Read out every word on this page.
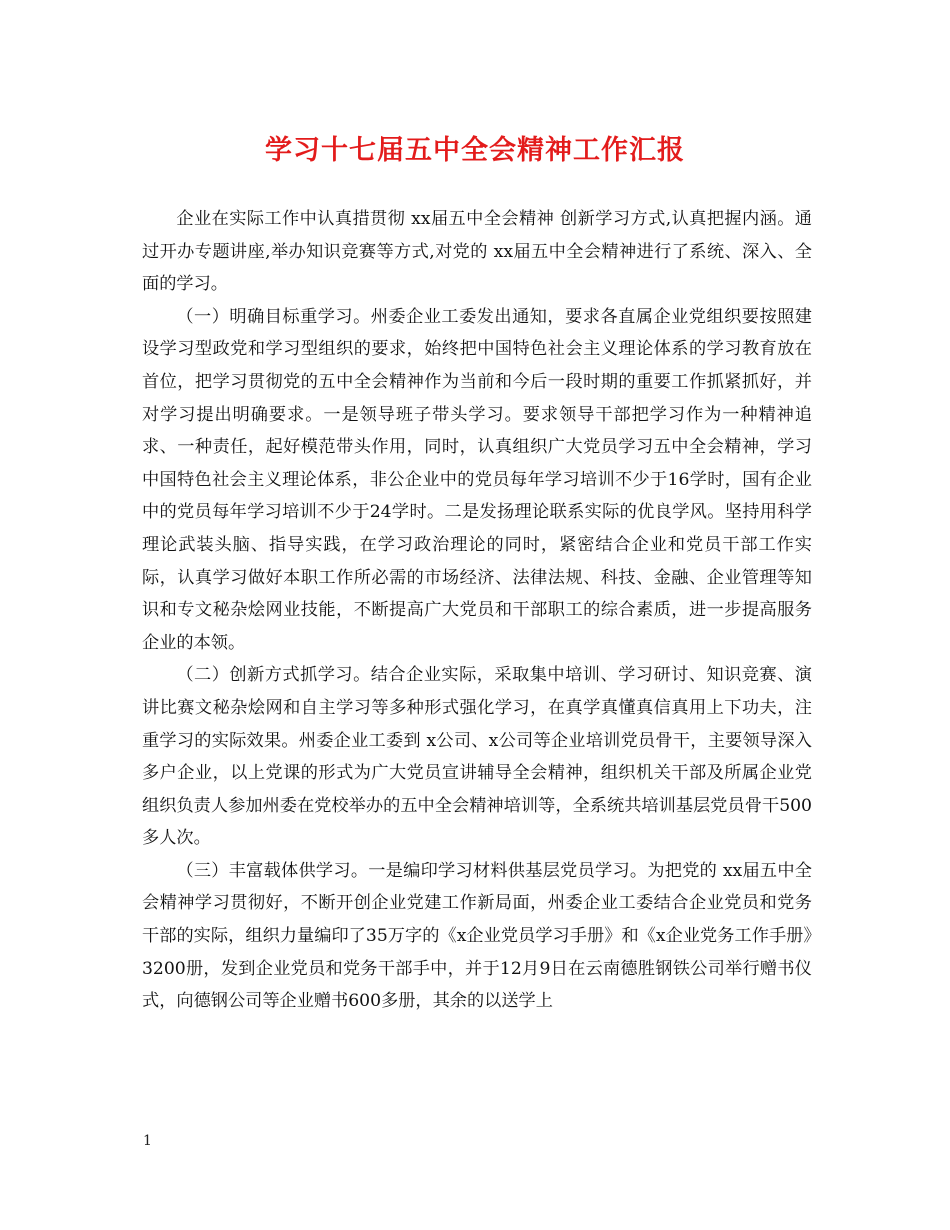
学习十七届五中全会精神工作汇报

企业在实际工作中认真措贯彻 xx届五中全会精神 创新学习方式,认真把握内涵。通过开办专题讲座,举办知识竞赛等方式,对党的 xx届五中全会精神进行了系统、深入、全面的学习。

（一）明确目标重学习。州委企业工委发出通知，要求各直属企业党组织要按照建设学习型政党和学习型组织的要求，始终把中国特色社会主义理论体系的学习教育放在首位，把学习贯彻党的五中全会精神作为当前和今后一段时期的重要工作抓紧抓好，并对学习提出明确要求。一是领导班子带头学习。要求领导干部把学习作为一种精神追求、一种责任，起好模范带头作用，同时，认真组织广大党员学习五中全会精神，学习中国特色社会主义理论体系，非公企业中的党员每年学习培训不少于16学时，国有企业中的党员每年学习培训不少于24学时。二是发扬理论联系实际的优良学风。坚持用科学理论武装头脑、指导实践，在学习政治理论的同时，紧密结合企业和党员干部工作实际，认真学习做好本职工作所必需的市场经济、法律法规、科技、金融、企业管理等知识和专文秘杂烩网业技能，不断提高广大党员和干部职工的综合素质，进一步提高服务企业的本领。

（二）创新方式抓学习。结合企业实际，采取集中培训、学习研讨、知识竞赛、演讲比赛文秘杂烩网和自主学习等多种形式强化学习，在真学真懂真信真用上下功夫，注重学习的实际效果。州委企业工委到 x公司、x公司等企业培训党员骨干，主要领导深入多户企业，以上党课的形式为广大党员宣讲辅导全会精神，组织机关干部及所属企业党组织负责人参加州委在党校举办的五中全会精神培训等，全系统共培训基层党员骨干500多人次。

（三）丰富载体供学习。一是编印学习材料供基层党员学习。为把党的 xx届五中全会精神学习贯彻好，不断开创企业党建工作新局面，州委企业工委结合企业党员和党务干部的实际，组织力量编印了35万字的《x企业党员学习手册》和《x企业党务工作手册》3200册，发到企业党员和党务干部手中，并于12月9日在云南德胜钢铁公司举行赠书仪式，向德钢公司等企业赠书600多册，其余的以送学上

1
